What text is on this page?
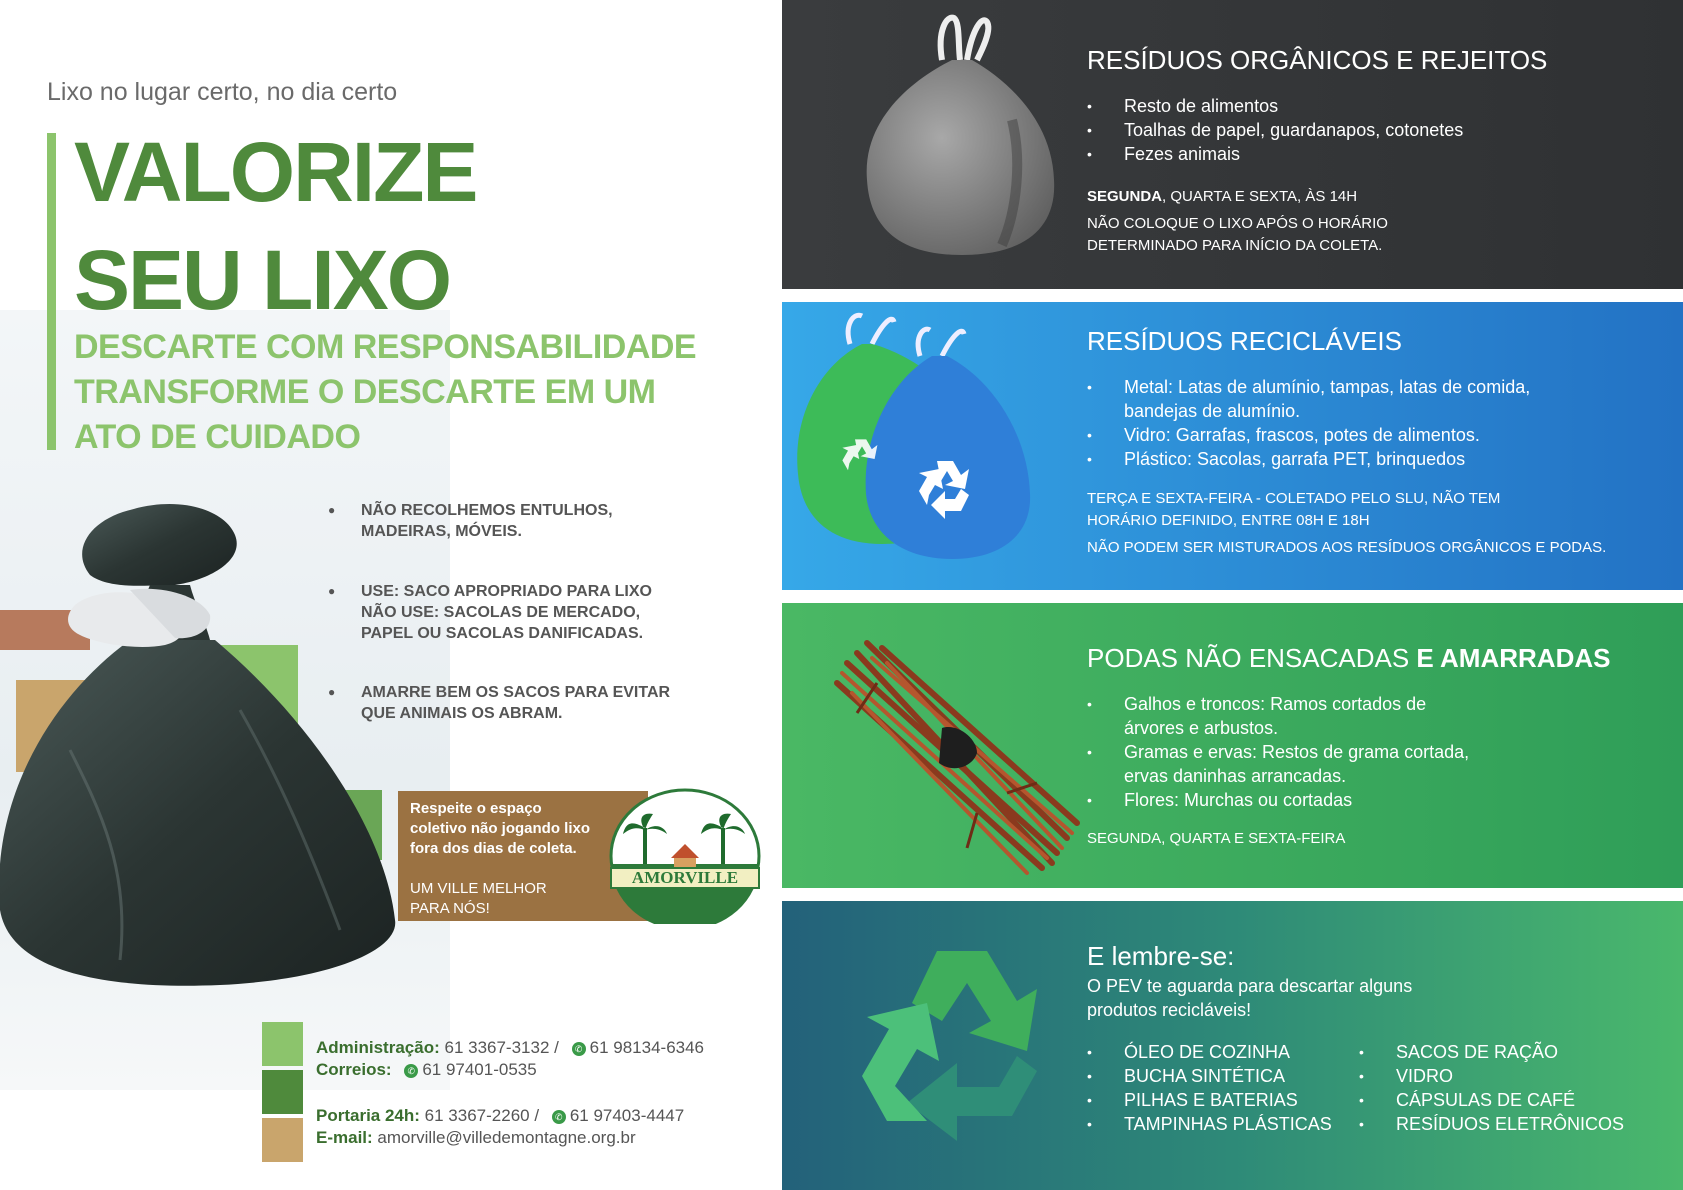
Lixo no lugar certo, no dia certo
VALORIZE
SEU LIXO
DESCARTE COM RESPONSABILIDADE
TRANSFORME O DESCARTE EM UM
ATO DE CUIDADO
● NÃO RECOLHEMOS ENTULHOS,
MADEIRAS, MÓVEIS.
● USE: SACO APROPRIADO PARA LIXO
NÃO USE: SACOLAS DE MERCADO,
PAPEL OU SACOLAS DANIFICADAS.
● AMARRE BEM OS SACOS PARA EVITAR
QUE ANIMAIS OS ABRAM.
Respeite o espaço
coletivo não jogando lixo
fora dos dias de coleta.
UM VILLE MELHOR
PARA NÓS!
AMORVILLE
Administração: 61 3367-3132 / ✆ 61 98134-6346
Correios: ✆ 61 97401-0535
Portaria 24h: 61 3367-2260 / ✆ 61 97403-4447
E-mail: amorville@villedemontagne.org.br
RESÍDUOS ORGÂNICOS E REJEITOS
• Resto de alimentos
• Toalhas de papel, guardanapos, cotonetes
• Fezes animais
SEGUNDA, QUARTA E SEXTA, ÀS 14H
NÃO COLOQUE O LIXO APÓS O HORÁRIO
DETERMINADO PARA INÍCIO DA COLETA.
RESÍDUOS RECICLÁVEIS
• Metal: Latas de alumínio, tampas, latas de comida,
bandejas de alumínio.
• Vidro: Garrafas, frascos, potes de alimentos.
• Plástico: Sacolas, garrafa PET, brinquedos
TERÇA E SEXTA-FEIRA - COLETADO PELO SLU, NÃO TEM
HORÁRIO DEFINIDO, ENTRE 08H E 18H
NÃO PODEM SER MISTURADOS AOS RESÍDUOS ORGÂNICOS E PODAS.
PODAS NÃO ENSACADAS E AMARRADAS
• Galhos e troncos: Ramos cortados de
árvores e arbustos.
• Gramas e ervas: Restos de grama cortada,
ervas daninhas arrancadas.
• Flores: Murchas ou cortadas
SEGUNDA, QUARTA E SEXTA-FEIRA
E lembre-se:
O PEV te aguarda para descartar alguns
produtos recicláveis!
• ÓLEO DE COZINHA
• BUCHA SINTÉTICA
• PILHAS E BATERIAS
• TAMPINHAS PLÁSTICAS
• SACOS DE RAÇÃO
• VIDRO
• CÁPSULAS DE CAFÉ
• RESÍDUOS ELETRÔNICOS
